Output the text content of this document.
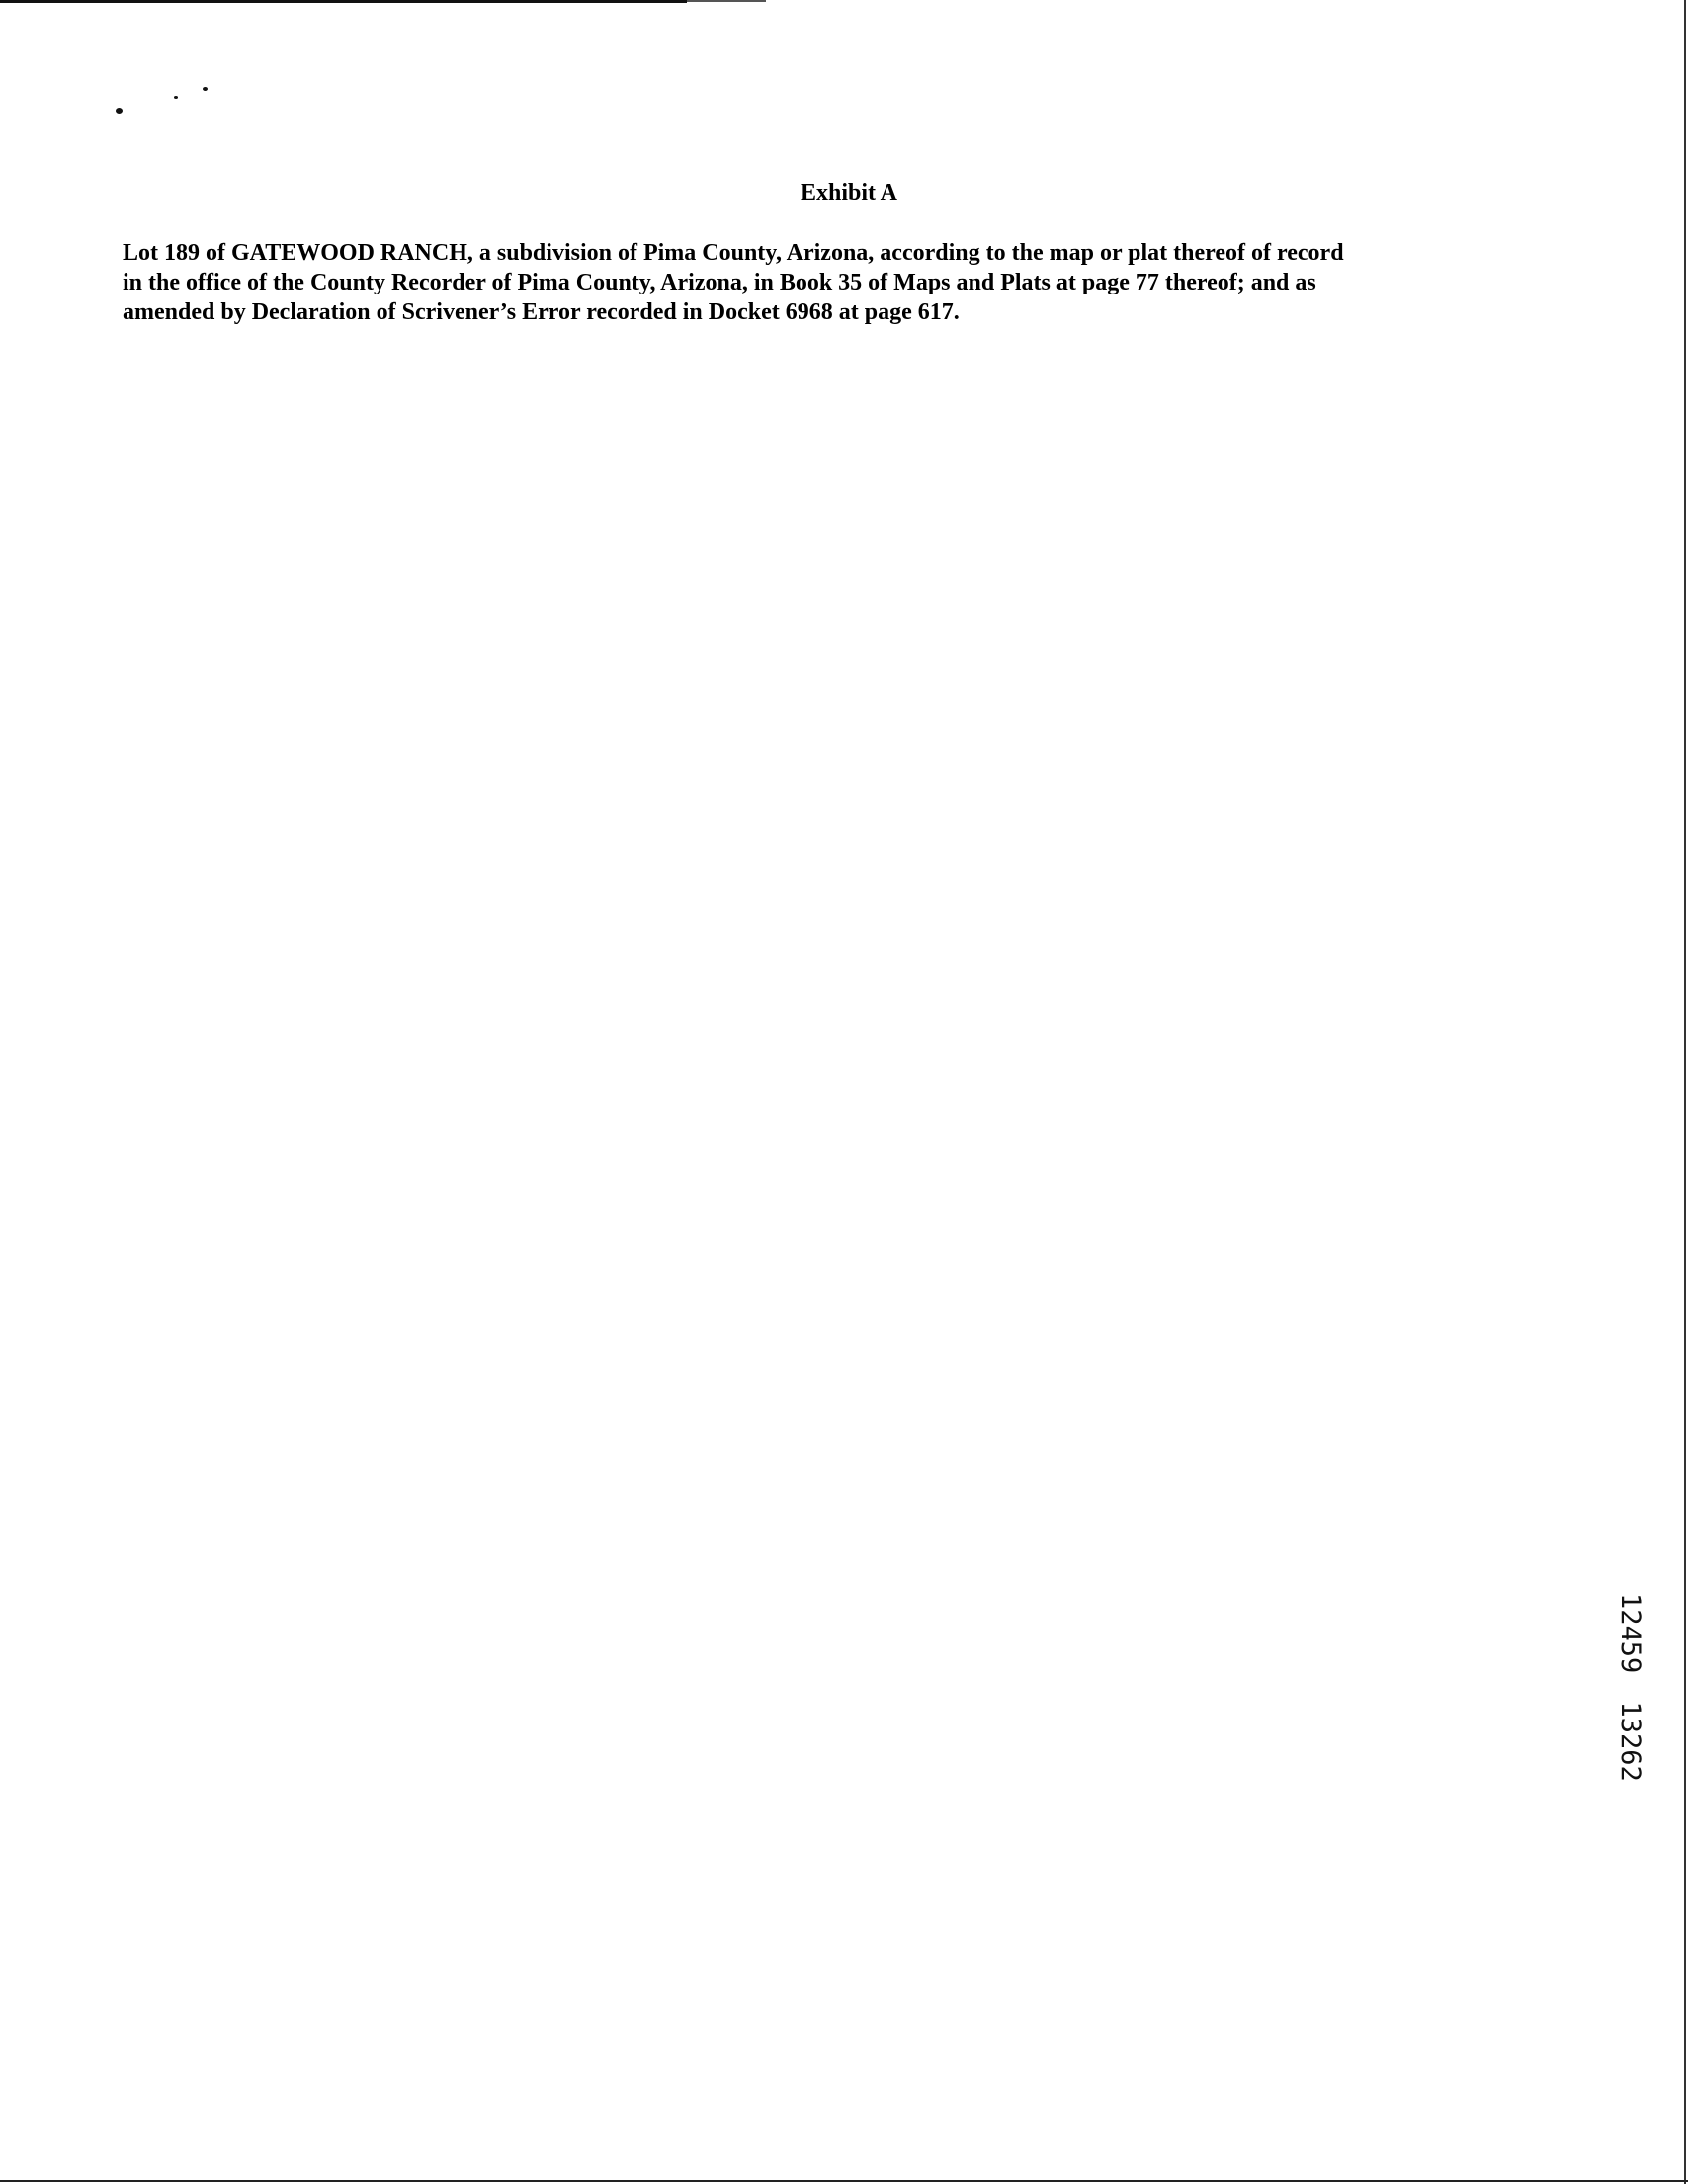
Exhibit A

Lot 189 of GATEWOOD RANCH, a subdivision of Pima County, Arizona, according to the map or plat thereof of record
in the office of the County Recorder of Pima County, Arizona, in Book 35 of Maps and Plats at page 77 thereof; and as
amended by Declaration of Scrivener’s Error recorded in Docket 6968 at page 617.

12459 13262
